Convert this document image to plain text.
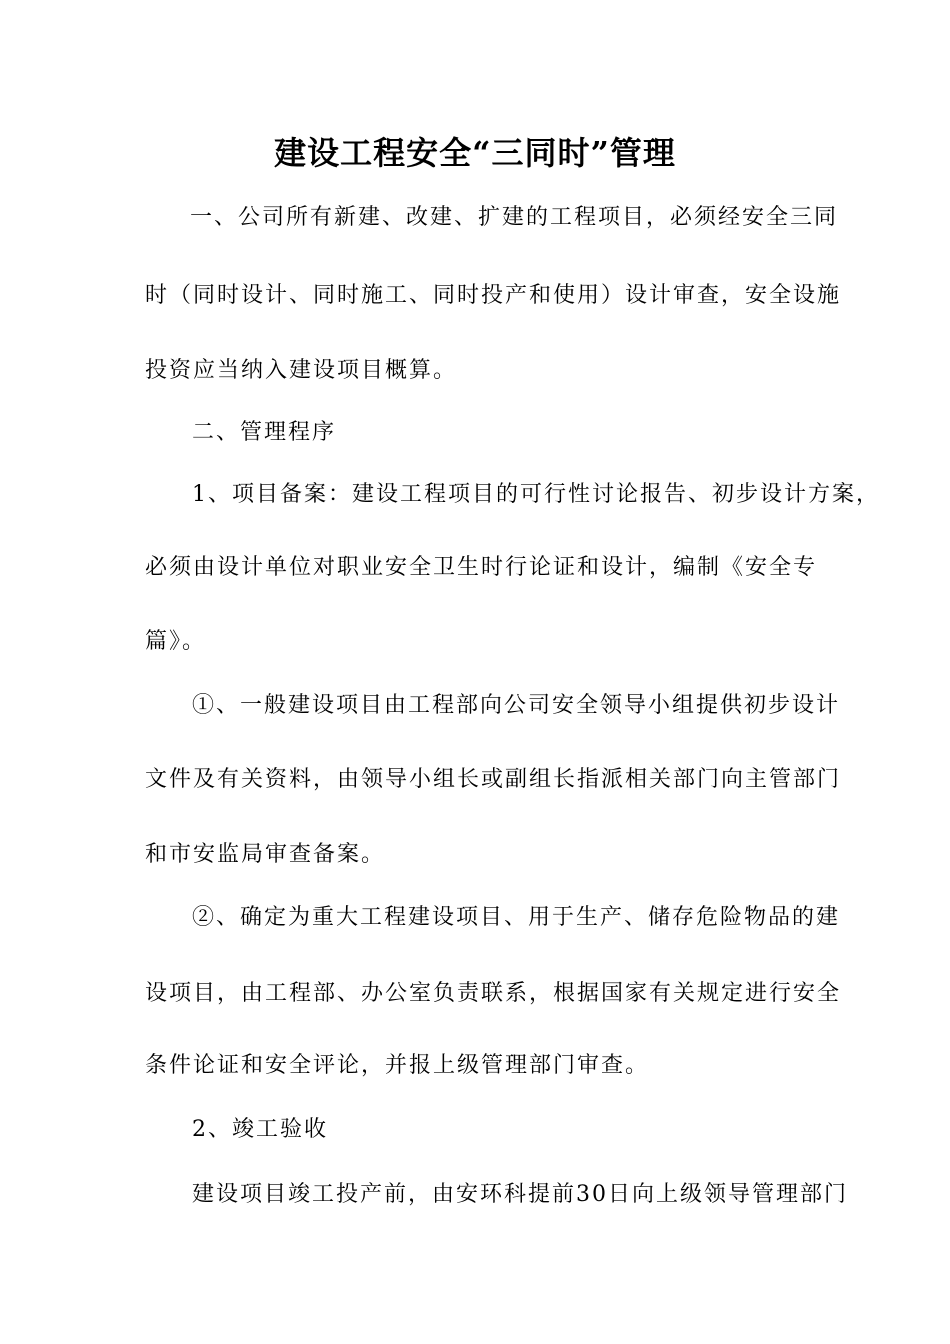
建设工程安全“三同时”管理
一、公司所有新建、改建、扩建的工程项目，必须经安全三同
时（同时设计、同时施工、同时投产和使用）设计审查，安全设施
投资应当纳入建设项目概算。
二、管理程序
1、项目备案：建设工程项目的可行性讨论报告、初步设计方案，
必须由设计单位对职业安全卫生时行论证和设计，编制《安全专
篇》。
①、一般建设项目由工程部向公司安全领导小组提供初步设计
文件及有关资料，由领导小组长或副组长指派相关部门向主管部门
和市安监局审查备案。
②、确定为重大工程建设项目、用于生产、储存危险物品的建
设项目，由工程部、办公室负责联系，根据国家有关规定进行安全
条件论证和安全评论，并报上级管理部门审查。
2、竣工验收
建设项目竣工投产前，由安环科提前30日向上级领导管理部门
